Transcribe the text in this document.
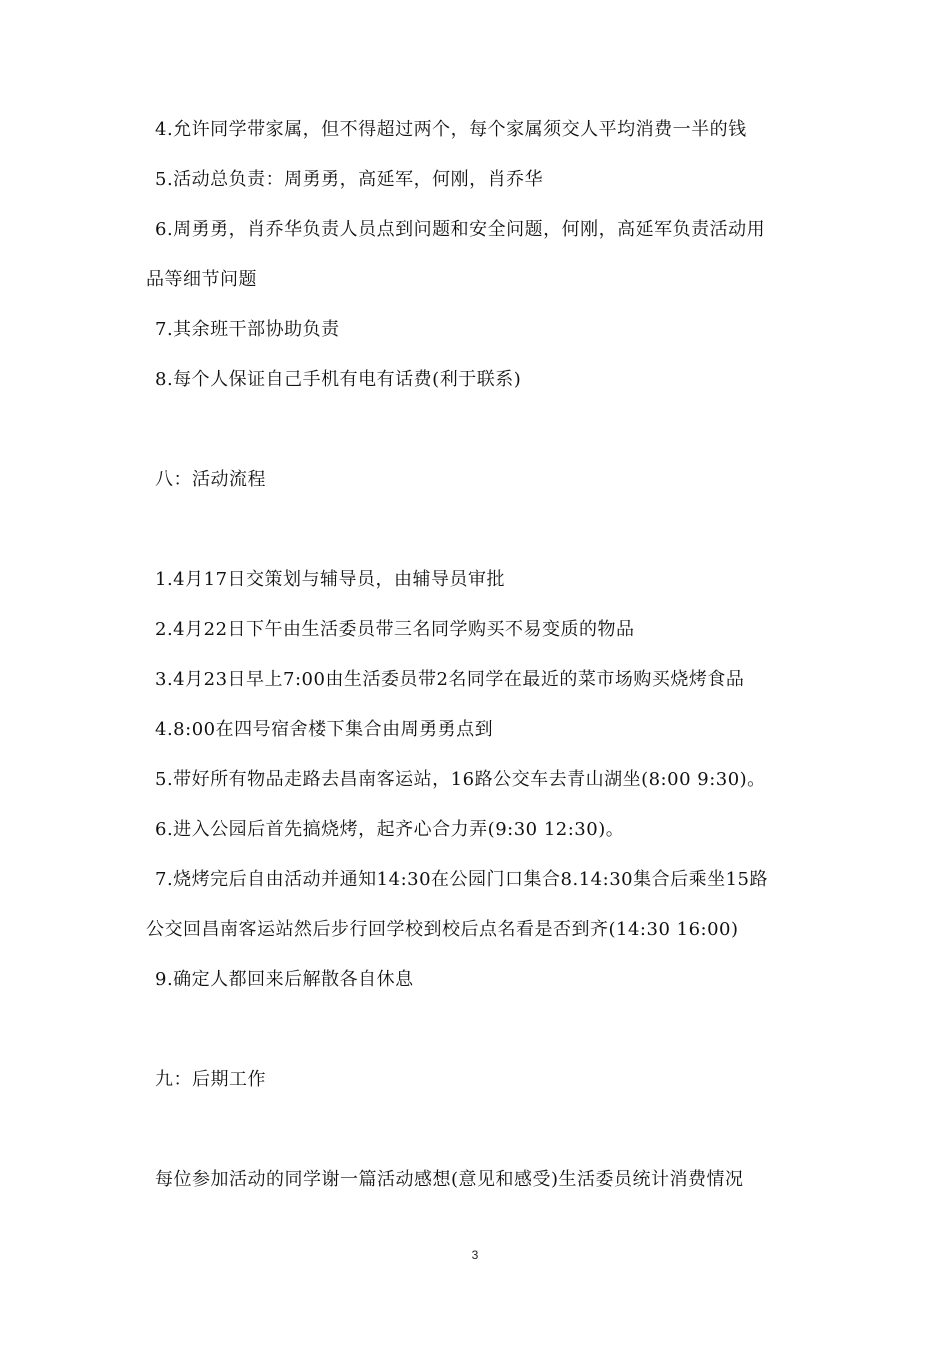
4.允许同学带家属，但不得超过两个，每个家属须交人平均消费一半的钱
5.活动总负责：周勇勇，高延军，何刚，肖乔华
6.周勇勇，肖乔华负责人员点到问题和安全问题，何刚，高延军负责活动用
品等细节问题
7.其余班干部协助负责
8.每个人保证自己手机有电有话费(利于联系)
八：活动流程
1.4月17日交策划与辅导员，由辅导员审批
2.4月22日下午由生活委员带三名同学购买不易变质的物品
3.4月23日早上7:00由生活委员带2名同学在最近的菜市场购买烧烤食品
4.8:00在四号宿舍楼下集合由周勇勇点到
5.带好所有物品走路去昌南客运站，16路公交车去青山湖坐(8:00 9:30)。
6.进入公园后首先搞烧烤，起齐心合力弄(9:30 12:30)。
7.烧烤完后自由活动并通知14:30在公园门口集合8.14:30集合后乘坐15路
公交回昌南客运站然后步行回学校到校后点名看是否到齐(14:30 16:00)
9.确定人都回来后解散各自休息
九：后期工作
每位参加活动的同学谢一篇活动感想(意见和感受)生活委员统计消费情况
3
